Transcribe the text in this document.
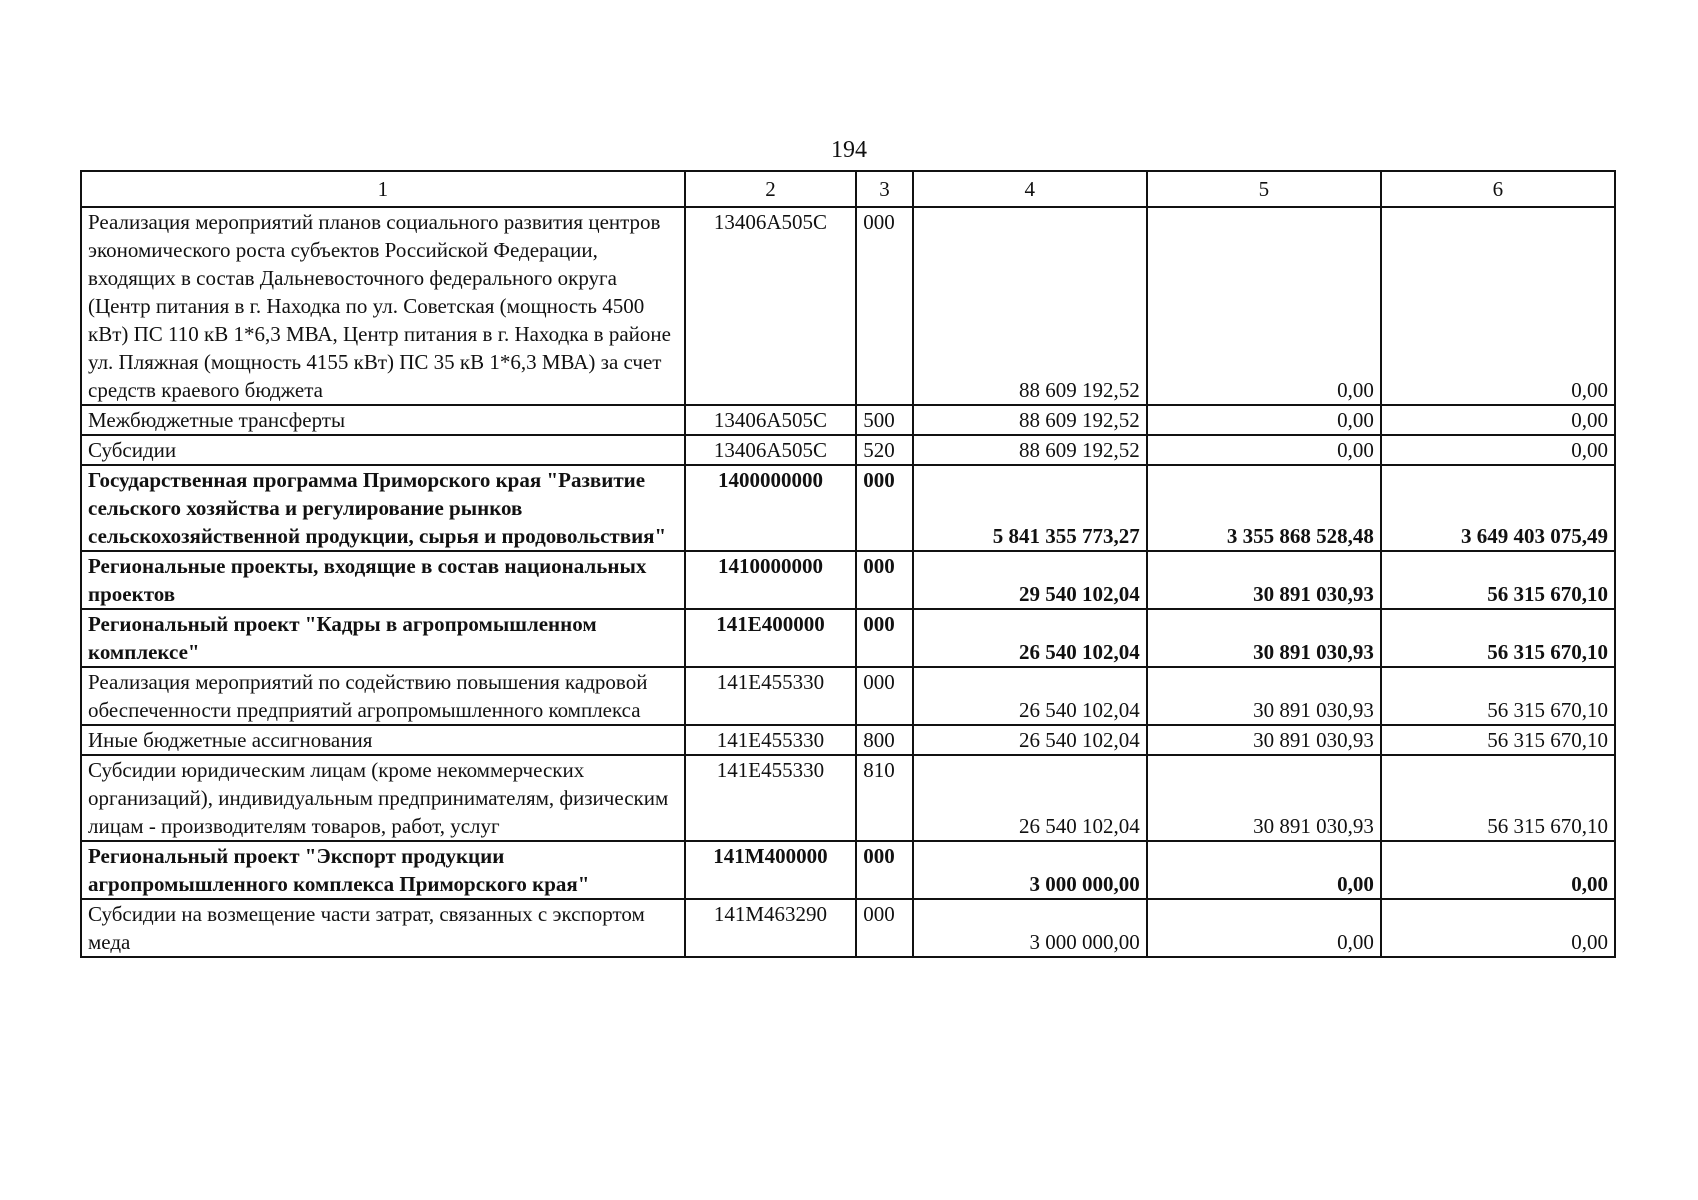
194
1	2	3	4	5	6
Реализация мероприятий планов социального развития центров экономического роста субъектов Российской Федерации, входящих в состав Дальневосточного федерального округа (Центр питания в г. Находка по ул. Советская (мощность 4500 кВт) ПС 110 кВ 1*6,3 МВА, Центр питания в г. Находка в районе ул. Пляжная (мощность 4155 кВт) ПС 35 кВ 1*6,3 МВА) за счет средств краевого бюджета	13406А505С	000	88 609 192,52	0,00	0,00
Межбюджетные трансферты	13406А505С	500	88 609 192,52	0,00	0,00
Субсидии	13406А505С	520	88 609 192,52	0,00	0,00
Государственная программа Приморского края "Развитие сельского хозяйства и регулирование рынков сельскохозяйственной продукции, сырья и продовольствия"	1400000000	000	5 841 355 773,27	3 355 868 528,48	3 649 403 075,49
Региональные проекты, входящие в состав национальных проектов	1410000000	000	29 540 102,04	30 891 030,93	56 315 670,10
Региональный проект "Кадры в агропромышленном комплексе"	141Е400000	000	26 540 102,04	30 891 030,93	56 315 670,10
Реализация мероприятий по содействию повышения кадровой обеспеченности предприятий агропромышленного комплекса	141Е455330	000	26 540 102,04	30 891 030,93	56 315 670,10
Иные бюджетные ассигнования	141Е455330	800	26 540 102,04	30 891 030,93	56 315 670,10
Субсидии юридическим лицам (кроме некоммерческих организаций), индивидуальным предпринимателям, физическим лицам - производителям товаров, работ, услуг	141Е455330	810	26 540 102,04	30 891 030,93	56 315 670,10
Региональный проект "Экспорт продукции агропромышленного комплекса Приморского края"	141М400000	000	3 000 000,00	0,00	0,00
Субсидии на возмещение части затрат, связанных с экспортом меда	141М463290	000	3 000 000,00	0,00	0,00
